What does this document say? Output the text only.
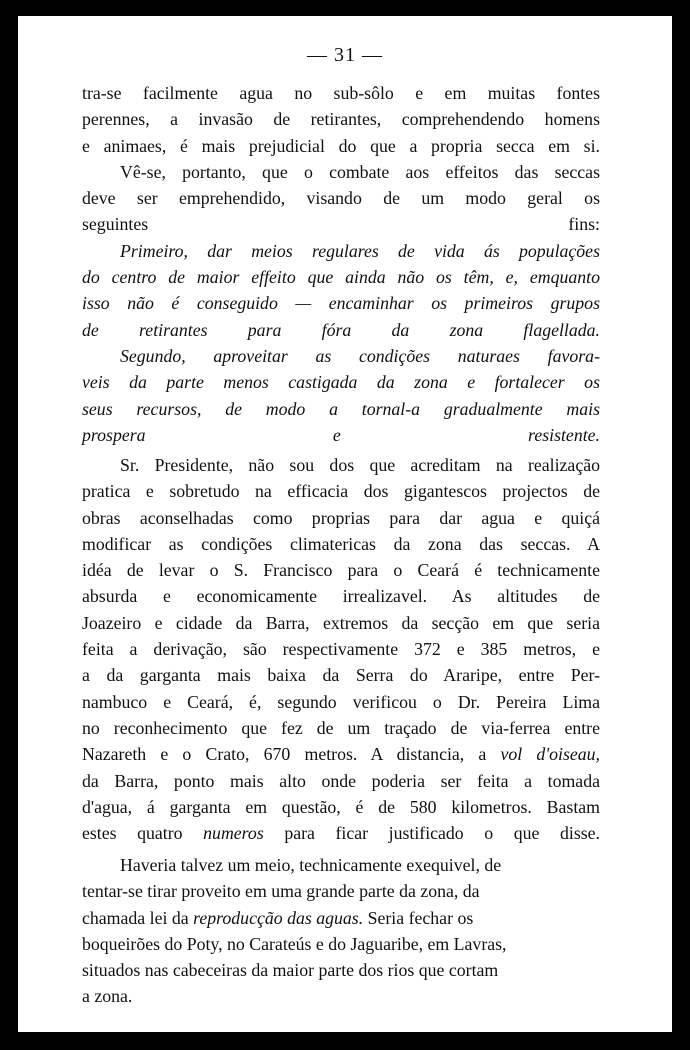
— 31 —

tra-se facilmente agua no sub-sôlo e em muitas fontes
perennes, a invasão de retirantes, comprehendendo homens
e animaes, é mais prejudicial do que a propria secca em si.

Vê-se, portanto, que o combate aos effeitos das seccas
deve ser emprehendido, visando de um modo geral os
seguintes fins:

Primeiro, dar meios regulares de vida ás populações
do centro de maior effeito que ainda não os têm, e, emquanto
isso não é conseguido — encaminhar os primeiros grupos
de retirantes para fóra da zona flagellada.

Segundo, aproveitar as condições naturaes favora-
veis da parte menos castigada da zona e fortalecer os
seus recursos, de modo a tornal-a gradualmente mais
prospera e resistente.

Sr. Presidente, não sou dos que acreditam na realização
pratica e sobretudo na efficacia dos gigantescos projectos de
obras aconselhadas como proprias para dar agua e quiçá
modificar as condições climatericas da zona das seccas. A
idéa de levar o S. Francisco para o Ceará é technicamente
absurda e economicamente irrealizavel. As altitudes de
Joazeiro e cidade da Barra, extremos da secção em que seria
feita a derivação, são respectivamente 372 e 385 metros, e
a da garganta mais baixa da Serra do Araripe, entre Per-
nambuco e Ceará, é, segundo verificou o Dr. Pereira Lima
no reconhecimento que fez de um traçado de via-ferrea entre
Nazareth e o Crato, 670 metros. A distancia, a vol d'oiseau,
da Barra, ponto mais alto onde poderia ser feita a tomada
d'agua, á garganta em questão, é de 580 kilometros. Bastam
estes quatro numeros para ficar justificado o que disse.

Haveria talvez um meio, technicamente exequivel, de
tentar-se tirar proveito em uma grande parte da zona, da
chamada lei da reproducção das aguas. Seria fechar os
boqueirões do Poty, no Carateús e do Jaguaribe, em Lavras,
situados nas cabeceiras da maior parte dos rios que cortam
a zona.
